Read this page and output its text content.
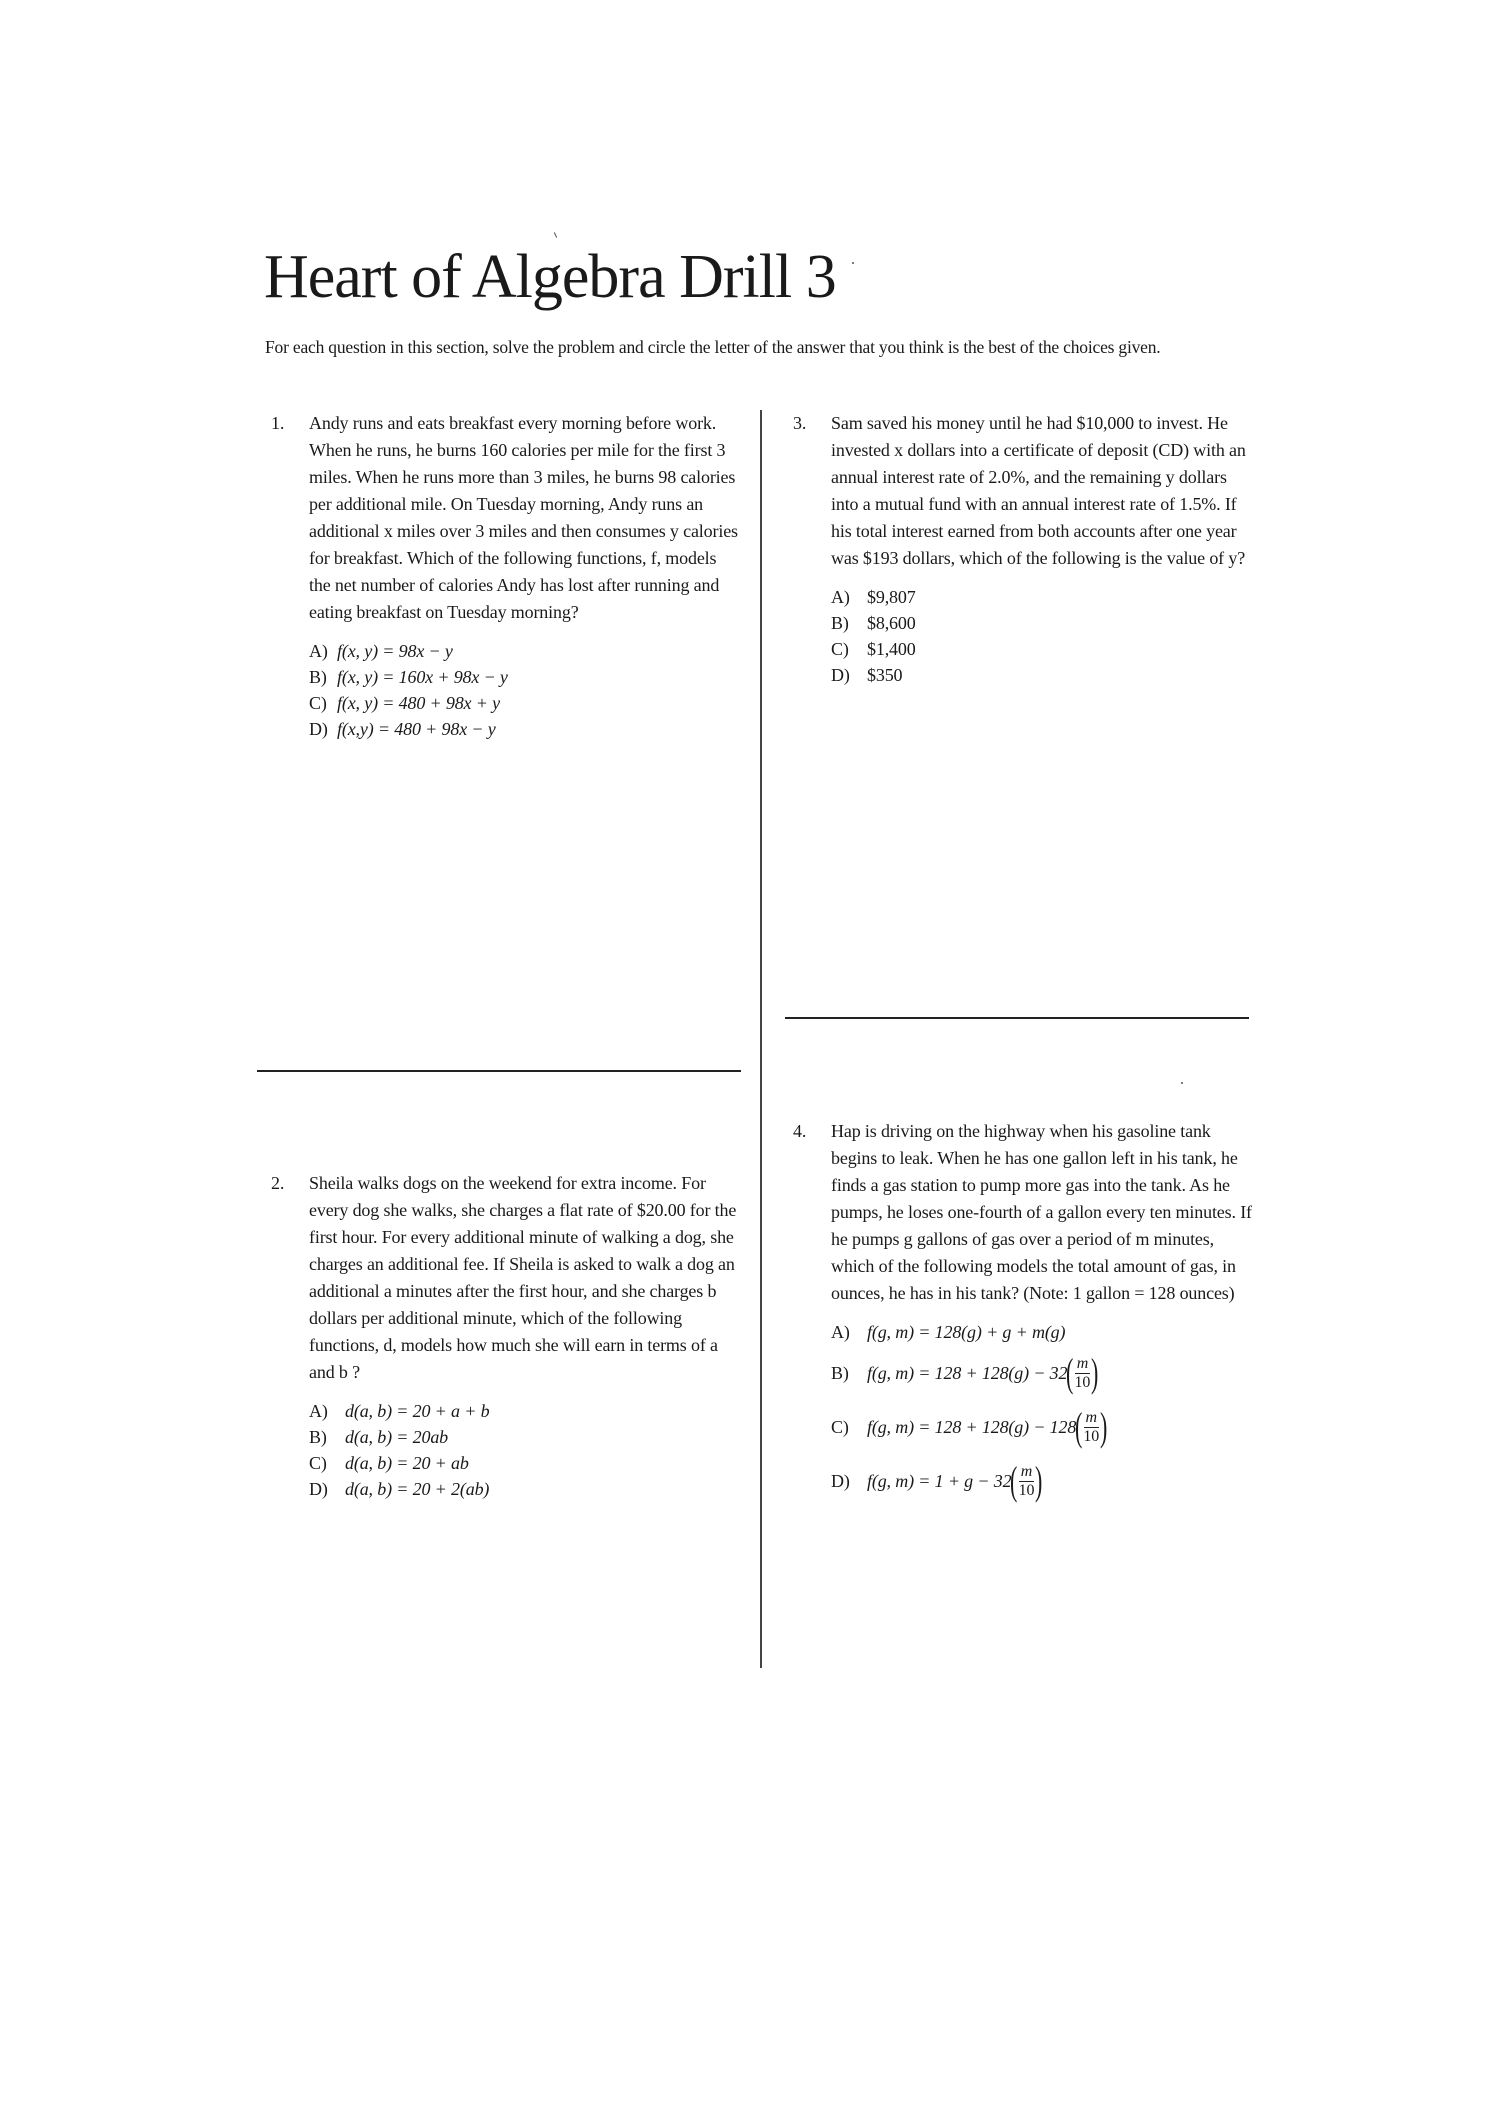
Heart of Algebra Drill 3
For each question in this section, solve the problem and circle the letter of the answer that you think is the best of the choices given.
1. Andy runs and eats breakfast every morning before work. When he runs, he burns 160 calories per mile for the first 3 miles. When he runs more than 3 miles, he burns 98 calories per additional mile. On Tuesday morning, Andy runs an additional x miles over 3 miles and then consumes y calories for breakfast. Which of the following functions, f, models the net number of calories Andy has lost after running and eating breakfast on Tuesday morning?

A) f(x, y) = 98x − y
B) f(x, y) = 160x + 98x − y
C) f(x, y) = 480 + 98x + y
D) f(x,y) = 480 + 98x − y
3. Sam saved his money until he had $10,000 to invest. He invested x dollars into a certificate of deposit (CD) with an annual interest rate of 2.0%, and the remaining y dollars into a mutual fund with an annual interest rate of 1.5%. If his total interest earned from both accounts after one year was $193 dollars, which of the following is the value of y?

A) $9,807
B)	$8,600
C)	$1,400
D) $350
2. Sheila walks dogs on the weekend for extra income. For every dog she walks, she charges a flat rate of $20.00 for the first hour. For every additional minute of walking a dog, she charges an additional fee. If Sheila is asked to walk a dog an additional a minutes after the first hour, and she charges b dollars per additional minute, which of the following functions, d, models how much she will earn in terms of a and b ?

A) d(a, b) = 20 + a + b
B)	d(a, b) = 20ab
C)	d(a, b) = 20 + ab
D) d(a, b) = 20 + 2(ab)
4. Hap is driving on the highway when his gasoline tank begins to leak. When he has one gallon left in his tank, he finds a gas station to pump more gas into the tank. As he pumps, he loses one-fourth of a gallon every ten minutes. If he pumps g gallons of gas over a period of m minutes, which of the following models the total amount of gas, in ounces, he has in his tank? (Note: 1 gallon = 128 ounces)

A) f(g, m) = 128(g) + g + m(g)
B)	f(g, m) = 128 + 128(g) − 32
(
$\frac{m}{10}$
)
C)	f(g, m) = 128 + 128(g) − 128
(
$\frac{m}{10}$
)
D) f(g, m) = 1 + g − 32
(
$\frac{m}{10}$
)
